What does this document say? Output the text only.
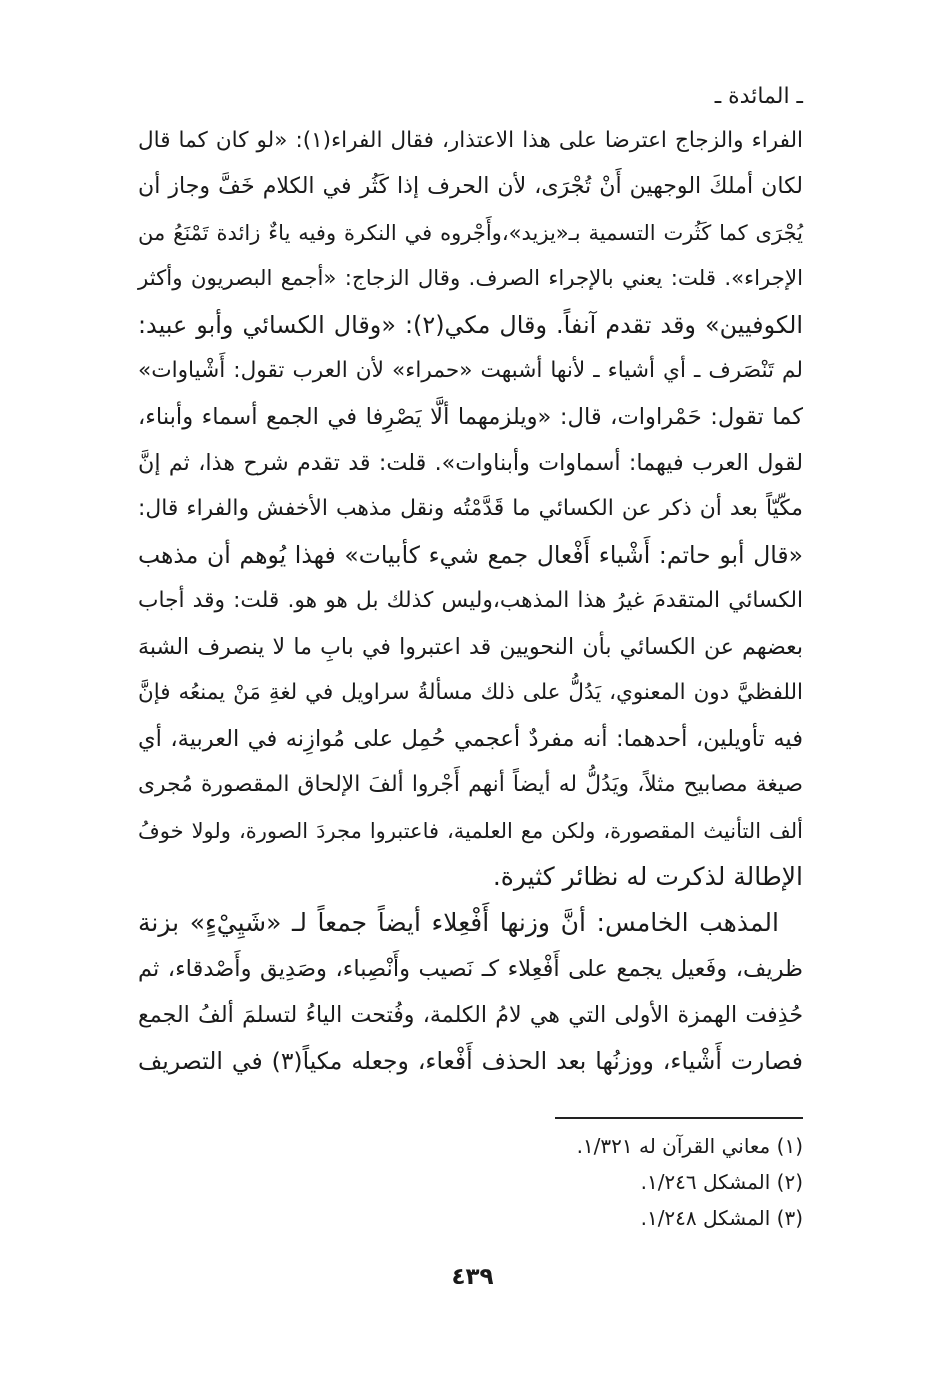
ـ المائدة ـ
الفراء والزجاج اعترضا على هذا الاعتذار، فقال الفراء(١): «لو كان كما قال
لكان أملكَ الوجهين أَنْ تُجْرَى، لأن الحرف إذا كَثُر في الكلام خَفَّ وجاز أن
يُجْرَى كما كَثُرت التسمية بـ«يزيد»،وأَجْروه في النكرة وفيه ياءٌ زائدة تَمْنَعُ من
الإجراء». قلت: يعني بالإجراء الصرف. وقال الزجاج: «أجمع البصريون وأكثر
الكوفيين» وقد تقدم آنفاً. وقال مكي(٢): «وقال الكسائي وأبو عبيد:
لم تَنْصَرف ـ أي أشياء ـ لأنها أشبهت «حمراء» لأن العرب تقول: أَشْياوات»
كما تقول: حَمْراوات، قال: «ويلزمهما ألَّا يَصْرِفا في الجمع أسماء وأبناء،
لقول العرب فيهما: أسماوات وأبناوات». قلت: قد تقدم شرح هذا، ثم إنَّ
مكّيّاً بعد أن ذكر عن الكسائي ما قَدَّمْتُه ونقل مذهب الأخفش والفراء قال:
«قال أبو حاتم: أَشْياء أَفْعال جمع شيء كأبيات» فهذا يُوهم أن مذهب
الكسائي المتقدمَ غيرُ هذا المذهب،وليس كذلك بل هو هو. قلت: وقد أجاب
بعضهم عن الكسائي بأن النحويين قد اعتبروا في بابِ ما لا ينصرف الشبهَ
اللفظيَّ دون المعنوي، يَدُلُّ على ذلك مسألةُ سراويل في لغةِ مَنْ يمنعُه فإنَّ
فيه تأويلين، أحدهما: أنه مفردٌ أعجمي حُمِل على مُوازِنه في العربية، أي
صيغة مصابيح مثلاً، ويَدُلُّ له أيضاً أنهم أَجْروا ألفَ الإلحاق المقصورة مُجرى
ألف التأنيث المقصورة، ولكن مع العلمية، فاعتبروا مجردَ الصورة، ولولا خوفُ
الإطالة لذكرت له نظائر كثيرة.
المذهب الخامس: أنَّ وزنها أَفْعِلاء أيضاً جمعاً لـ «شَيِيْءٍ» بزنة
ظريف، وفَعيل يجمع على أَفْعِلاء كـ نَصيب وأَنْصِباء، وصَدِيق وأَصْدقاء، ثم
حُذِفت الهمزة الأولى التي هي لامُ الكلمة، وفُتحت الياءُ لتسلمَ ألفُ الجمع
فصارت أَشْياء، ووزنُها بعد الحذف أَفْعاء، وجعله مكياً(٣) في التصريف
(١) معاني القرآن له ١/٣٢١.
(٢) المشكل ١/٢٤٦.
(٣) المشكل ١/٢٤٨.
٤٣٩
